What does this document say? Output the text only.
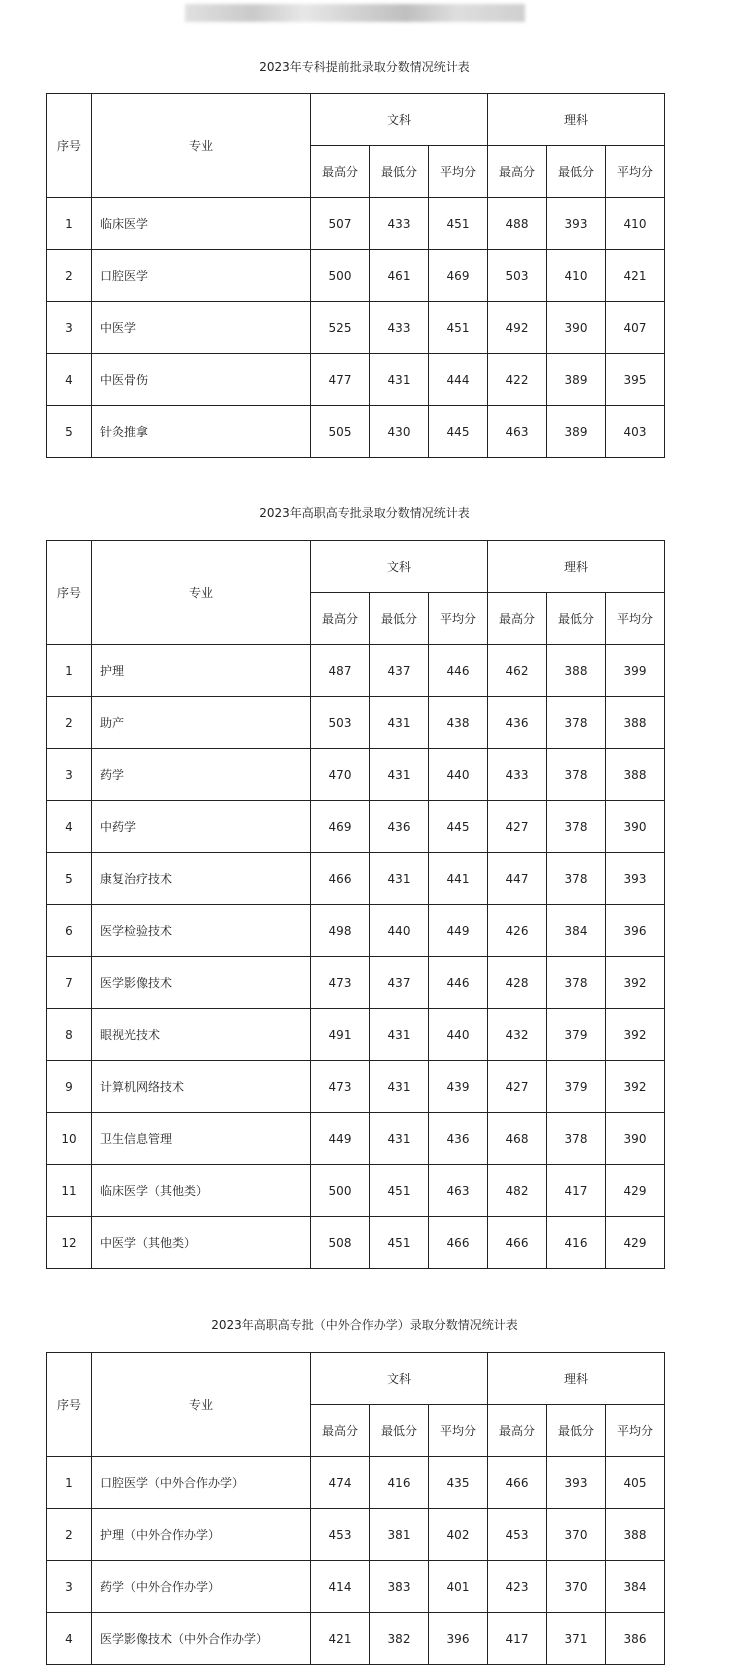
2023年专科提前批录取分数情况统计表
序号	专业	文科			理科		
		最高分	最低分	平均分	最高分	最低分	平均分
1	临床医学	507	433	451	488	393	410
2	口腔医学	500	461	469	503	410	421
3	中医学	525	433	451	492	390	407
4	中医骨伤	477	431	444	422	389	395
5	针灸推拿	505	430	445	463	389	403
2023年高职高专批录取分数情况统计表
序号	专业	文科			理科		
		最高分	最低分	平均分	最高分	最低分	平均分
1	护理	487	437	446	462	388	399
2	助产	503	431	438	436	378	388
3	药学	470	431	440	433	378	388
4	中药学	469	436	445	427	378	390
5	康复治疗技术	466	431	441	447	378	393
6	医学检验技术	498	440	449	426	384	396
7	医学影像技术	473	437	446	428	378	392
8	眼视光技术	491	431	440	432	379	392
9	计算机网络技术	473	431	439	427	379	392
10	卫生信息管理	449	431	436	468	378	390
11	临床医学（其他类）	500	451	463	482	417	429
12	中医学（其他类）	508	451	466	466	416	429
2023年高职高专批（中外合作办学）录取分数情况统计表
序号	专业	文科			理科		
		最高分	最低分	平均分	最高分	最低分	平均分
1	口腔医学（中外合作办学）	474	416	435	466	393	405
2	护理（中外合作办学）	453	381	402	453	370	388
3	药学（中外合作办学）	414	383	401	423	370	384
4	医学影像技术（中外合作办学）	421	382	396	417	371	386
